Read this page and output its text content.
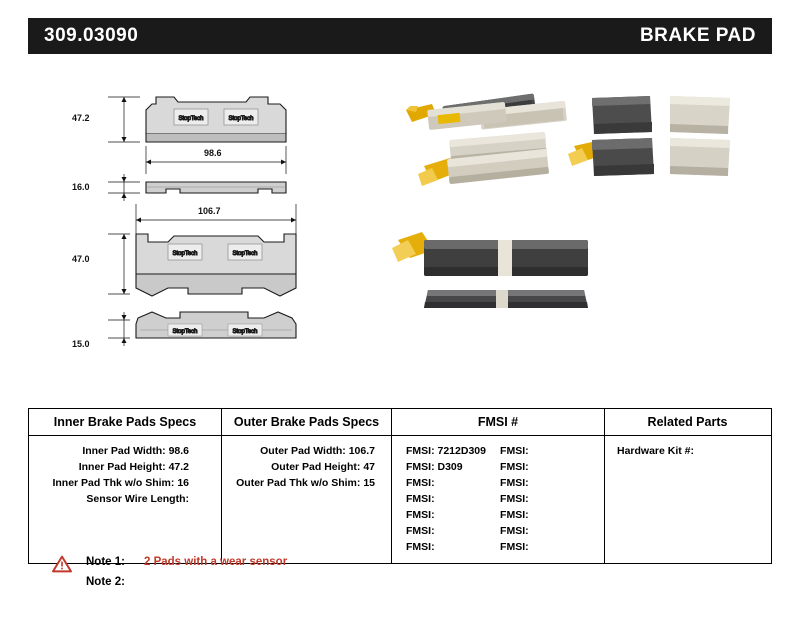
309.03090	BRAKE PAD
StopTech	StopTech
StopTech	StopTech
StopTech	StopTech
47.2
98.6
16.0
106.7
47.0
15.0
Inner Brake Pads Specs	Outer Brake Pads Specs	FMSI #	Related Parts
Inner Pad Width: 98.6
Inner Pad Height: 47.2
Inner Pad Thk w/o Shim: 16
Sensor Wire Length:
Outer Pad Width: 106.7
Outer Pad Height: 47
Outer Pad Thk w/o Shim: 15
FMSI: 7212D309	FMSI:
FMSI: D309	FMSI:
FMSI:	FMSI:
FMSI:	FMSI:
FMSI:	FMSI:
FMSI:	FMSI:
FMSI:	FMSI:
Hardware Kit #:
Note 1:	2 Pads with a wear sensor
Note 2:
